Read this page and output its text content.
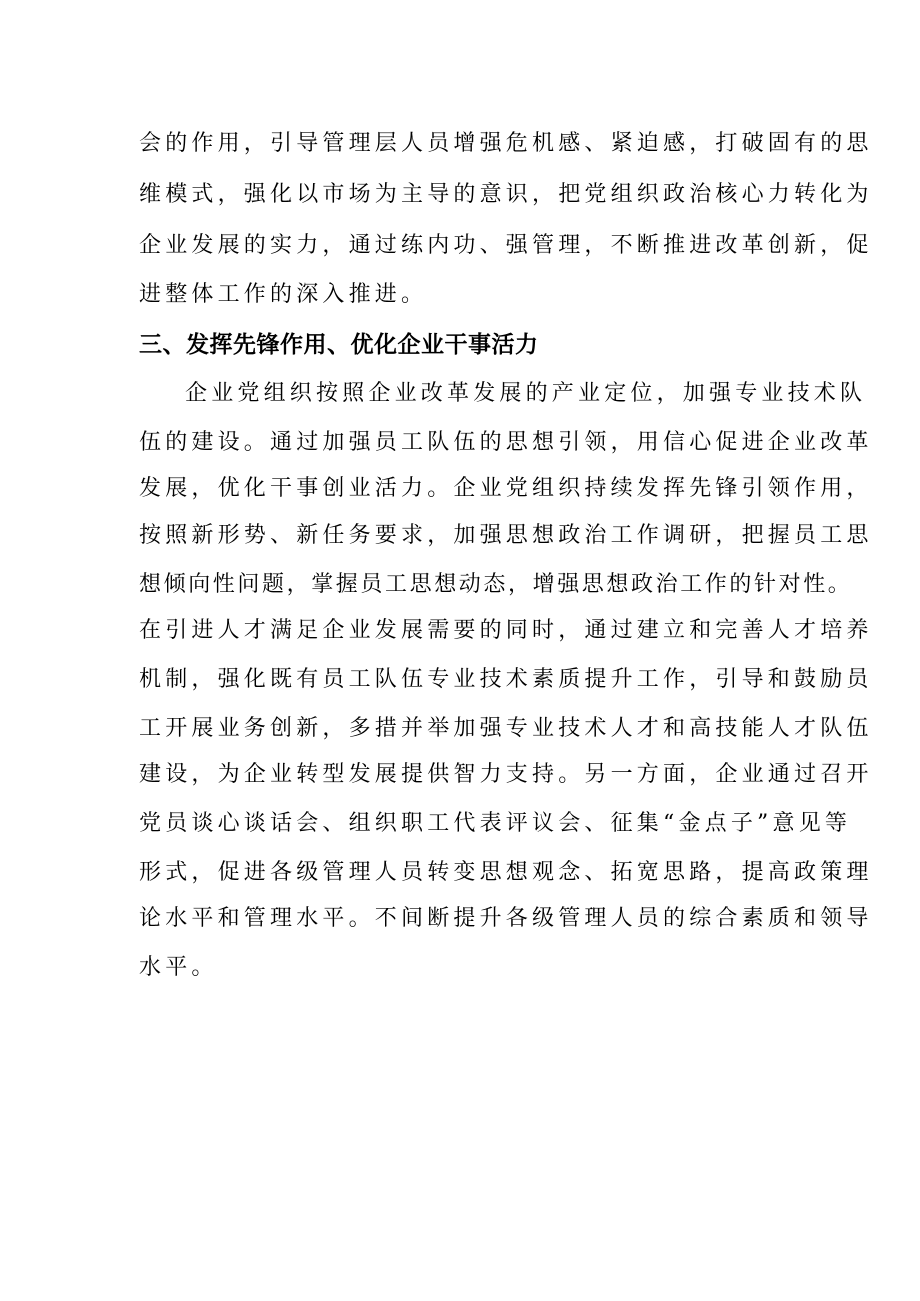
会的作用，引导管理层人员增强危机感、紧迫感，打破固有的思
维模式，强化以市场为主导的意识，把党组织政治核心力转化为
企业发展的实力，通过练内功、强管理，不断推进改革创新，促
进整体工作的深入推进。
三、发挥先锋作用、优化企业干事活力
企业党组织按照企业改革发展的产业定位，加强专业技术队
伍的建设。通过加强员工队伍的思想引领，用信心促进企业改革
发展，优化干事创业活力。企业党组织持续发挥先锋引领作用，
按照新形势、新任务要求，加强思想政治工作调研，把握员工思
想倾向性问题，掌握员工思想动态，增强思想政治工作的针对性。
在引进人才满足企业发展需要的同时，通过建立和完善人才培养
机制，强化既有员工队伍专业技术素质提升工作，引导和鼓励员
工开展业务创新，多措并举加强专业技术人才和高技能人才队伍
建设，为企业转型发展提供智力支持。另一方面，企业通过召开
党员谈心谈话会、组织职工代表评议会、征集“金点子”意见等
形式，促进各级管理人员转变思想观念、拓宽思路，提高政策理
论水平和管理水平。不间断提升各级管理人员的综合素质和领导
水平。
